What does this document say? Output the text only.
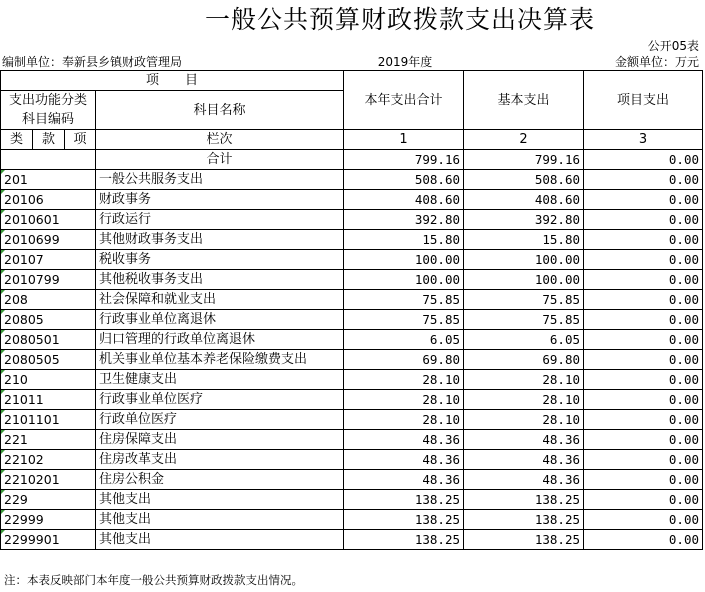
一般公共预算财政拨款支出决算表
公开05表
编制单位：奉新县乡镇财政管理局	2019年度	金额单位：万元
项　　目				本年支出合计	基本支出	项目支出
支出功能分类
科目编码			科目名称			

类	款	项				
			栏次	1	2	3
			合计	799.16	799.16	0.00
201			一般公共服务支出	508.60	508.60	0.00
20106			财政事务	408.60	408.60	0.00
2010601			行政运行	392.80	392.80	0.00
2010699			其他财政事务支出	15.80	15.80	0.00
20107			税收事务	100.00	100.00	0.00
2010799			其他税收事务支出	100.00	100.00	0.00
208			社会保障和就业支出	75.85	75.85	0.00
20805			行政事业单位离退休	75.85	75.85	0.00
2080501			归口管理的行政单位离退休	6.05	6.05	0.00
2080505			机关事业单位基本养老保险缴费支出	69.80	69.80	0.00
210			卫生健康支出	28.10	28.10	0.00
21011			行政事业单位医疗	28.10	28.10	0.00
2101101			行政单位医疗	28.10	28.10	0.00
221			住房保障支出	48.36	48.36	0.00
22102			住房改革支出	48.36	48.36	0.00
2210201			住房公积金	48.36	48.36	0.00
229			其他支出	138.25	138.25	0.00
22999			其他支出	138.25	138.25	0.00
2299901			其他支出	138.25	138.25	0.00
注：本表反映部门本年度一般公共预算财政拨款支出情况。
